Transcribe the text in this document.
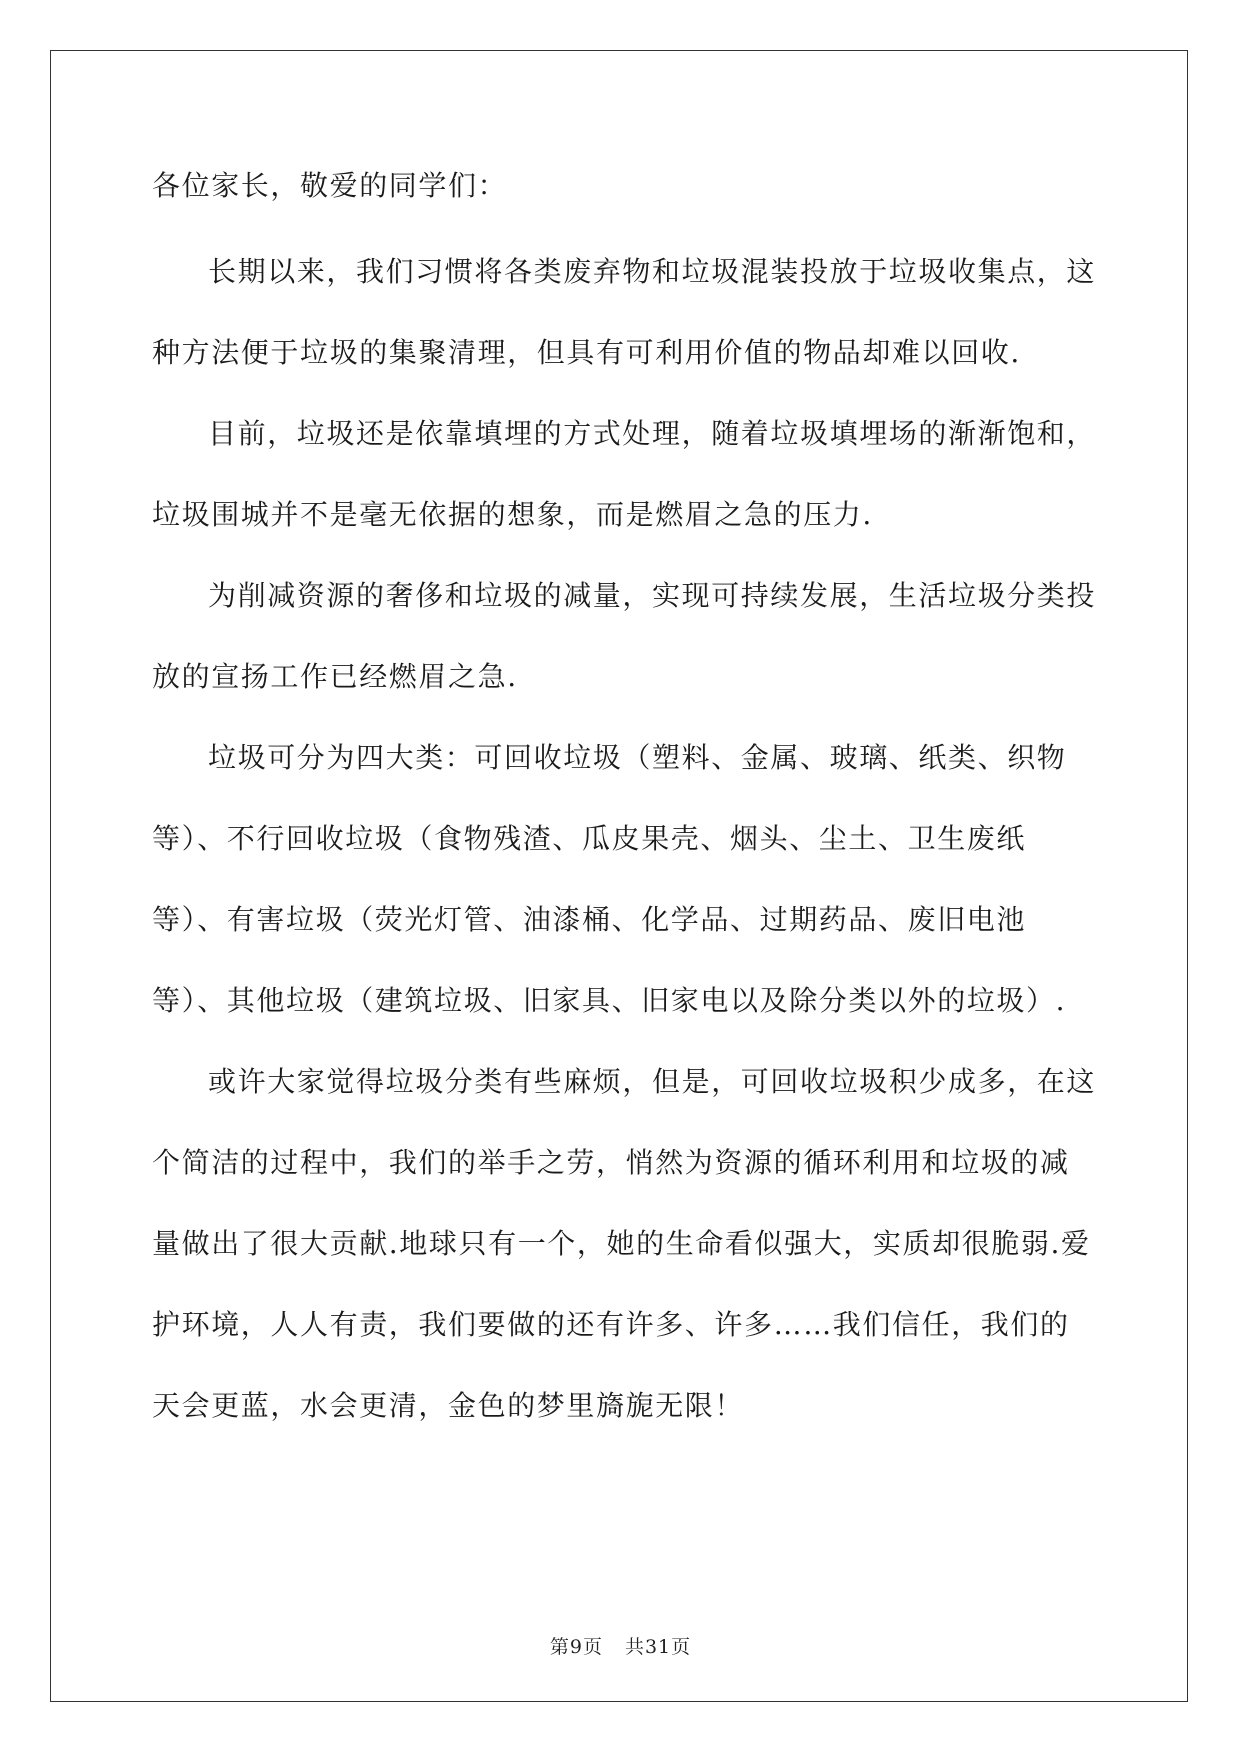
各位家长，敬爱的同学们：

长期以来，我们习惯将各类废弃物和垃圾混装投放于垃圾收集点，这种方法便于垃圾的集聚清理，但具有可利用价值的物品却难以回收.

目前，垃圾还是依靠填埋的方式处理，随着垃圾填埋场的渐渐饱和，垃圾围城并不是毫无依据的想象，而是燃眉之急的压力.

为削减资源的奢侈和垃圾的减量，实现可持续发展，生活垃圾分类投放的宣扬工作已经燃眉之急.

垃圾可分为四大类：可回收垃圾（塑料、金属、玻璃、纸类、织物等）、不行回收垃圾（食物残渣、瓜皮果壳、烟头、尘土、卫生废纸等）、有害垃圾（荧光灯管、油漆桶、化学品、过期药品、废旧电池等）、其他垃圾（建筑垃圾、旧家具、旧家电以及除分类以外的垃圾）.

或许大家觉得垃圾分类有些麻烦，但是，可回收垃圾积少成多，在这个简洁的过程中，我们的举手之劳，悄然为资源的循环利用和垃圾的减量做出了很大贡献.地球只有一个，她的生命看似强大，实质却很脆弱.爱护环境，人人有责，我们要做的还有许多、许多……我们信任，我们的天会更蓝，水会更清，金色的梦里旖旎无限！

第9页 共31页
